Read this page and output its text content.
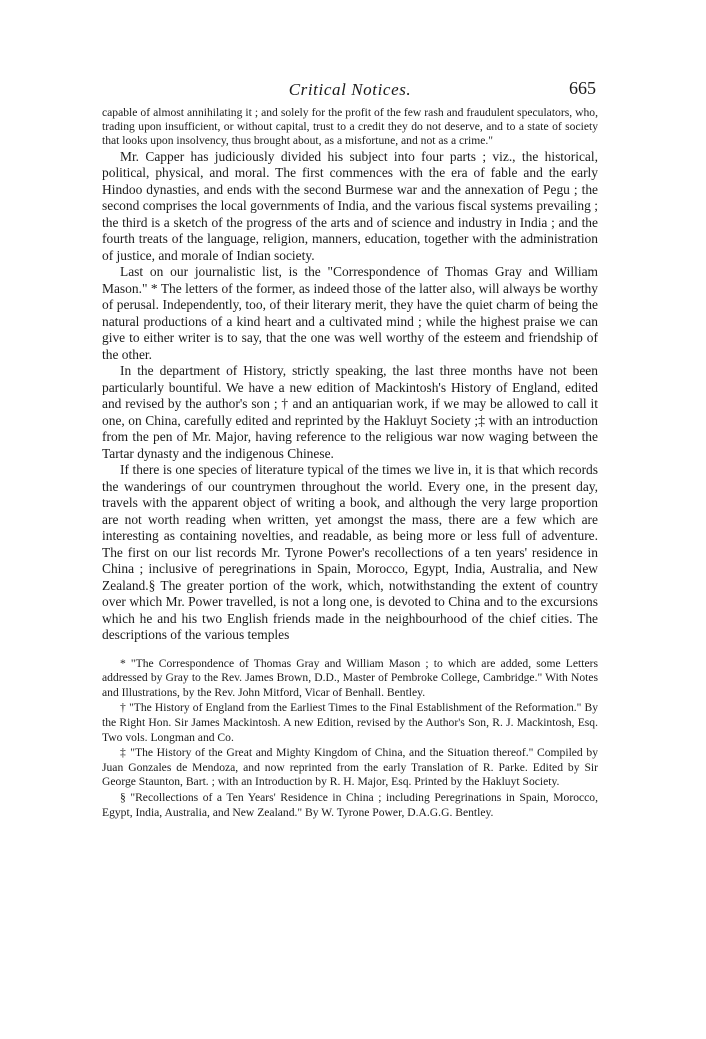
Critical Notices.	665

capable of almost annihilating it ; and solely for the profit of the few rash and fraudulent speculators, who, trading upon insufficient, or without capital, trust to a credit they do not deserve, and to a state of society that looks upon insolvency, thus brought about, as a misfortune, and not as a crime."

Mr. Capper has judiciously divided his subject into four parts ; viz., the historical, political, physical, and moral. The first commences with the era of fable and the early Hindoo dynasties, and ends with the second Burmese war and the annexation of Pegu ; the second comprises the local governments of India, and the various fiscal systems prevailing ; the third is a sketch of the progress of the arts and of science and industry in India ; and the fourth treats of the language, religion, manners, education, together with the administration of justice, and morale of Indian society.

Last on our journalistic list, is the "Correspondence of Thomas Gray and William Mason." * The letters of the former, as indeed those of the latter also, will always be worthy of perusal. Independently, too, of their literary merit, they have the quiet charm of being the natural productions of a kind heart and a cultivated mind ; while the highest praise we can give to either writer is to say, that the one was well worthy of the esteem and friendship of the other.

In the department of History, strictly speaking, the last three months have not been particularly bountiful. We have a new edition of Mackintosh's History of England, edited and revised by the author's son ; † and an antiquarian work, if we may be allowed to call it one, on China, carefully edited and reprinted by the Hakluyt Society ;‡ with an introduction from the pen of Mr. Major, having reference to the religious war now waging between the Tartar dynasty and the indigenous Chinese.

If there is one species of literature typical of the times we live in, it is that which records the wanderings of our countrymen throughout the world. Every one, in the present day, travels with the apparent object of writing a book, and although the very large proportion are not worth reading when written, yet amongst the mass, there are a few which are interesting as containing novelties, and readable, as being more or less full of adventure. The first on our list records Mr. Tyrone Power's recollections of a ten years' residence in China ; inclusive of peregrinations in Spain, Morocco, Egypt, India, Australia, and New Zealand.§ The greater portion of the work, which, notwithstanding the extent of country over which Mr. Power travelled, is not a long one, is devoted to China and to the excursions which he and his two English friends made in the neighbourhood of the chief cities. The descriptions of the various temples

* "The Correspondence of Thomas Gray and William Mason ; to which are added, some Letters addressed by Gray to the Rev. James Brown, D.D., Master of Pembroke College, Cambridge." With Notes and Illustrations, by the Rev. John Mitford, Vicar of Benhall. Bentley.

† "The History of England from the Earliest Times to the Final Establishment of the Reformation." By the Right Hon. Sir James Mackintosh. A new Edition, revised by the Author's Son, R. J. Mackintosh, Esq. Two vols. Longman and Co.

‡ "The History of the Great and Mighty Kingdom of China, and the Situation thereof." Compiled by Juan Gonzales de Mendoza, and now reprinted from the early Translation of R. Parke. Edited by Sir George Staunton, Bart. ; with an Introduction by R. H. Major, Esq. Printed by the Hakluyt Society.

§ "Recollections of a Ten Years' Residence in China ; including Peregrinations in Spain, Morocco, Egypt, India, Australia, and New Zealand." By W. Tyrone Power, D.A.G.G. Bentley.
